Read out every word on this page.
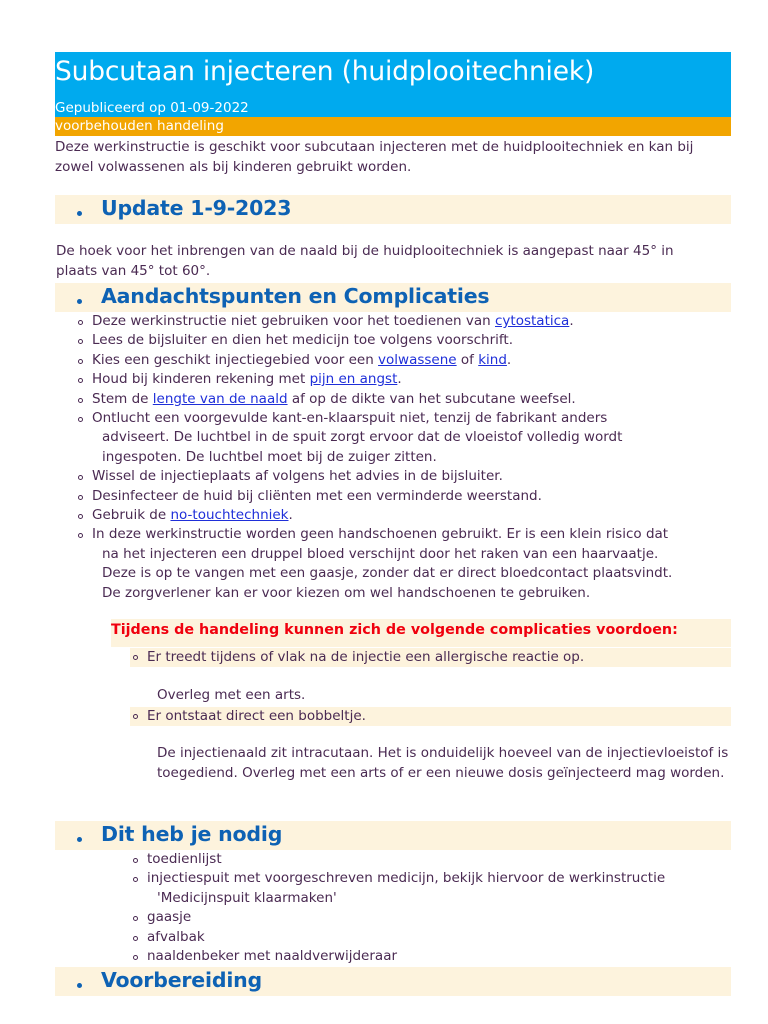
Subcutaan injecteren (huidplooitechniek)
Gepubliceerd op 01-09-2022
voorbehouden handeling
Deze werkinstructie is geschikt voor subcutaan injecteren met de huidplooitechniek en kan bij zowel volwassenen als bij kinderen gebruikt worden.
Update 1-9-2023
De hoek voor het inbrengen van de naald bij de huidplooitechniek is aangepast naar 45° in plaats van 45° tot 60°.
Aandachtspunten en Complicaties
Deze werkinstructie niet gebruiken voor het toedienen van cytostatica.
Lees de bijsluiter en dien het medicijn toe volgens voorschrift.
Kies een geschikt injectiegebied voor een volwassene of kind.
Houd bij kinderen rekening met pijn en angst.
Stem de lengte van de naald af op de dikte van het subcutane weefsel.
Ontlucht een voorgevulde kant-en-klaarspuit niet, tenzij de fabrikant anders
adviseert. De luchtbel in de spuit zorgt ervoor dat de vloeistof volledig wordt
ingespoten. De luchtbel moet bij de zuiger zitten.
Wissel de injectieplaats af volgens het advies in de bijsluiter.
Desinfecteer de huid bij cliënten met een verminderde weerstand.
Gebruik de no-touchtechniek.
In deze werkinstructie worden geen handschoenen gebruikt. Er is een klein risico dat
na het injecteren een druppel bloed verschijnt door het raken van een haarvaatje.
Deze is op te vangen met een gaasje, zonder dat er direct bloedcontact plaatsvindt.
De zorgverlener kan er voor kiezen om wel handschoenen te gebruiken.
Tijdens de handeling kunnen zich de volgende complicaties voordoen:
Er treedt tijdens of vlak na de injectie een allergische reactie op.
Overleg met een arts.
Er ontstaat direct een bobbeltje.
De injectienaald zit intracutaan. Het is onduidelijk hoeveel van de injectievloeistof is
toegediend. Overleg met een arts of er een nieuwe dosis geïnjecteerd mag worden.
Dit heb je nodig
toedienlijst
injectiespuit met voorgeschreven medicijn, bekijk hiervoor de werkinstructie
'Medicijnspuit klaarmaken'
gaasje
afvalbak
naaldenbeker met naaldverwijderaar
Voorbereiding
